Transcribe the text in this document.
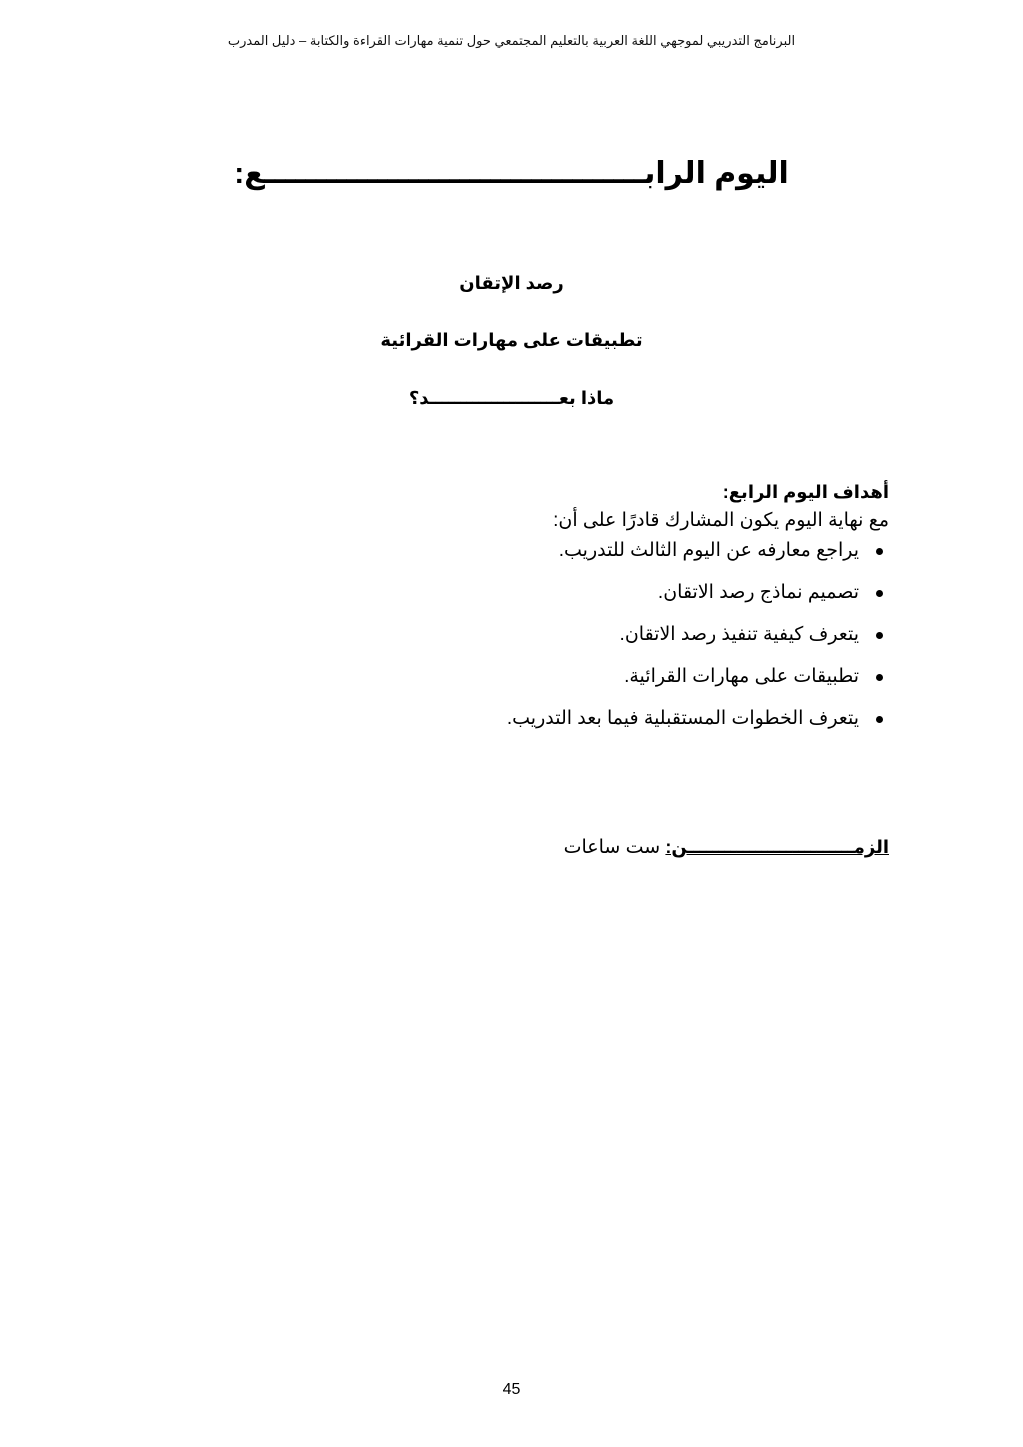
البرنامج التدريبي لموجهي اللغة العربية بالتعليم المجتمعي حول تنمية مهارات القراءة والكتابة – دليل المدرب
اليوم الرابـــــــــــــــــــــــــــــــــــــع:
رصد الإتقان
تطبيقات على مهارات القرائية
ماذا بعـــــــــــــــــــــد؟
أهداف اليوم الرابع:
مع نهاية اليوم يكون المشارك قادرًا على أن:
يراجع معارفه عن اليوم الثالث للتدريب.
تصميم نماذج رصد الاتقان.
يتعرف كيفية تنفيذ رصد الاتقان.
تطبيقات على مهارات القرائية.
يتعرف الخطوات المستقبلية فيما بعد التدريب.
الزمـــــــــــــــــــــــــــن: ست ساعات
45
